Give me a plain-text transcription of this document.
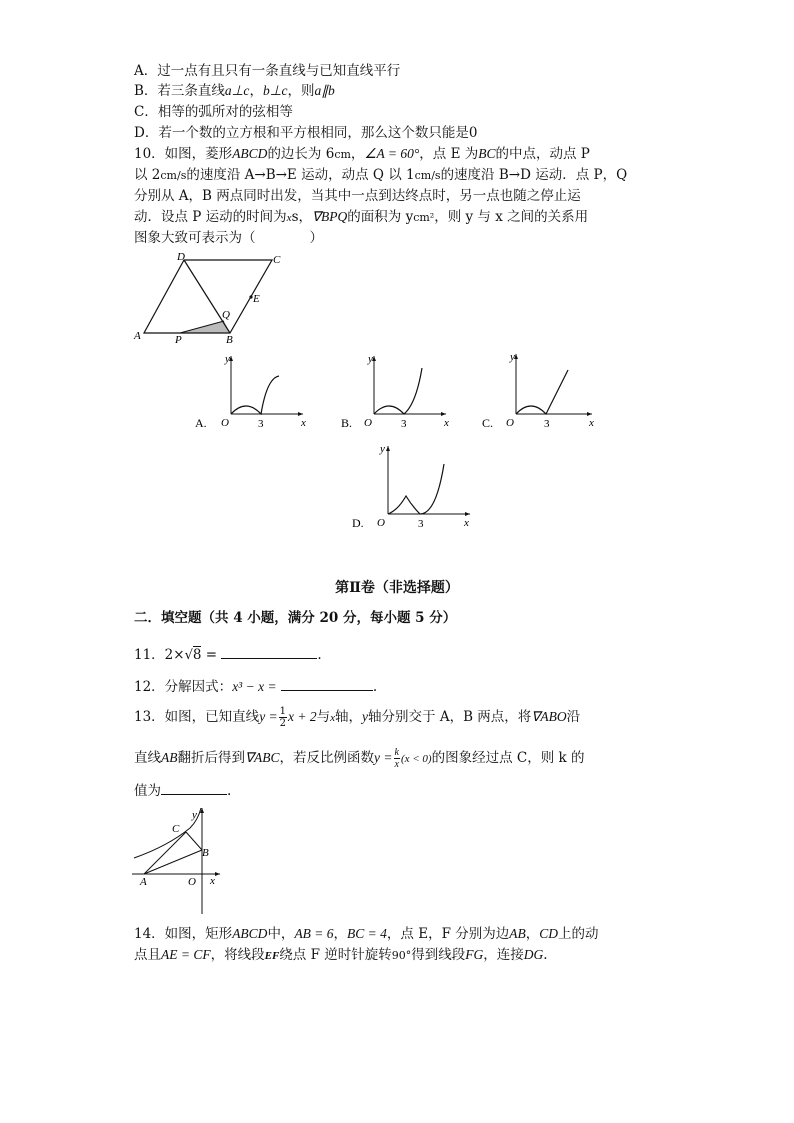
A．过一点有且只有一条直线与已知直线平行
B．若三条直线a⊥c，b⊥c，则a∥b
C．相等的弧所对的弦相等
D．若一个数的立方根和平方根相同，那么这个数只能是0
10．如图，菱形ABCD的边长为 6cm，∠A = 60°，点 E 为BC的中点，动点 P
以 2cm/s的速度沿 A→B→E 运动，动点 Q 以 1cm/s的速度沿 B→D 运动．点 P，Q
分别从 A，B 两点同时出发，当其中一点到达终点时，另一点也随之停止运
动．设点 P 运动的时间为xs，∇BPQ的面积为 ycm²，则 y 与 x 之间的关系用
图象大致可表示为（　　　　）
D	C
E
Q
A	P	B
y
x
O	3
A.
y
x
O	3
B.
y
x
O	3
C.
y
x
O	3
D.
第Ⅱ卷（非选择题）
二．填空题（共 4 小题，满分 20 分，每小题 5 分）
11．2×√8 =	.
12．分解因式：x³ − x =	.
13．如图，已知直线$y = \frac{1}{2}$ x + 2与x轴，y轴分别交于 A，B 两点，将∇ABO沿
直线AB翻折后得到∇ABC，若反比例函数$y = \frac{k}{x} (x < 0)$的图象经过点 C，则 k 的
值为	.
C
y
B
A	O x
14．如图，矩形ABCD中，AB = 6，BC = 4，点 E，F 分别为边AB，CD上的动
点且AE = CF，将线段EF绕点 F 逆时针旋转90°得到线段FG，连接DG.
